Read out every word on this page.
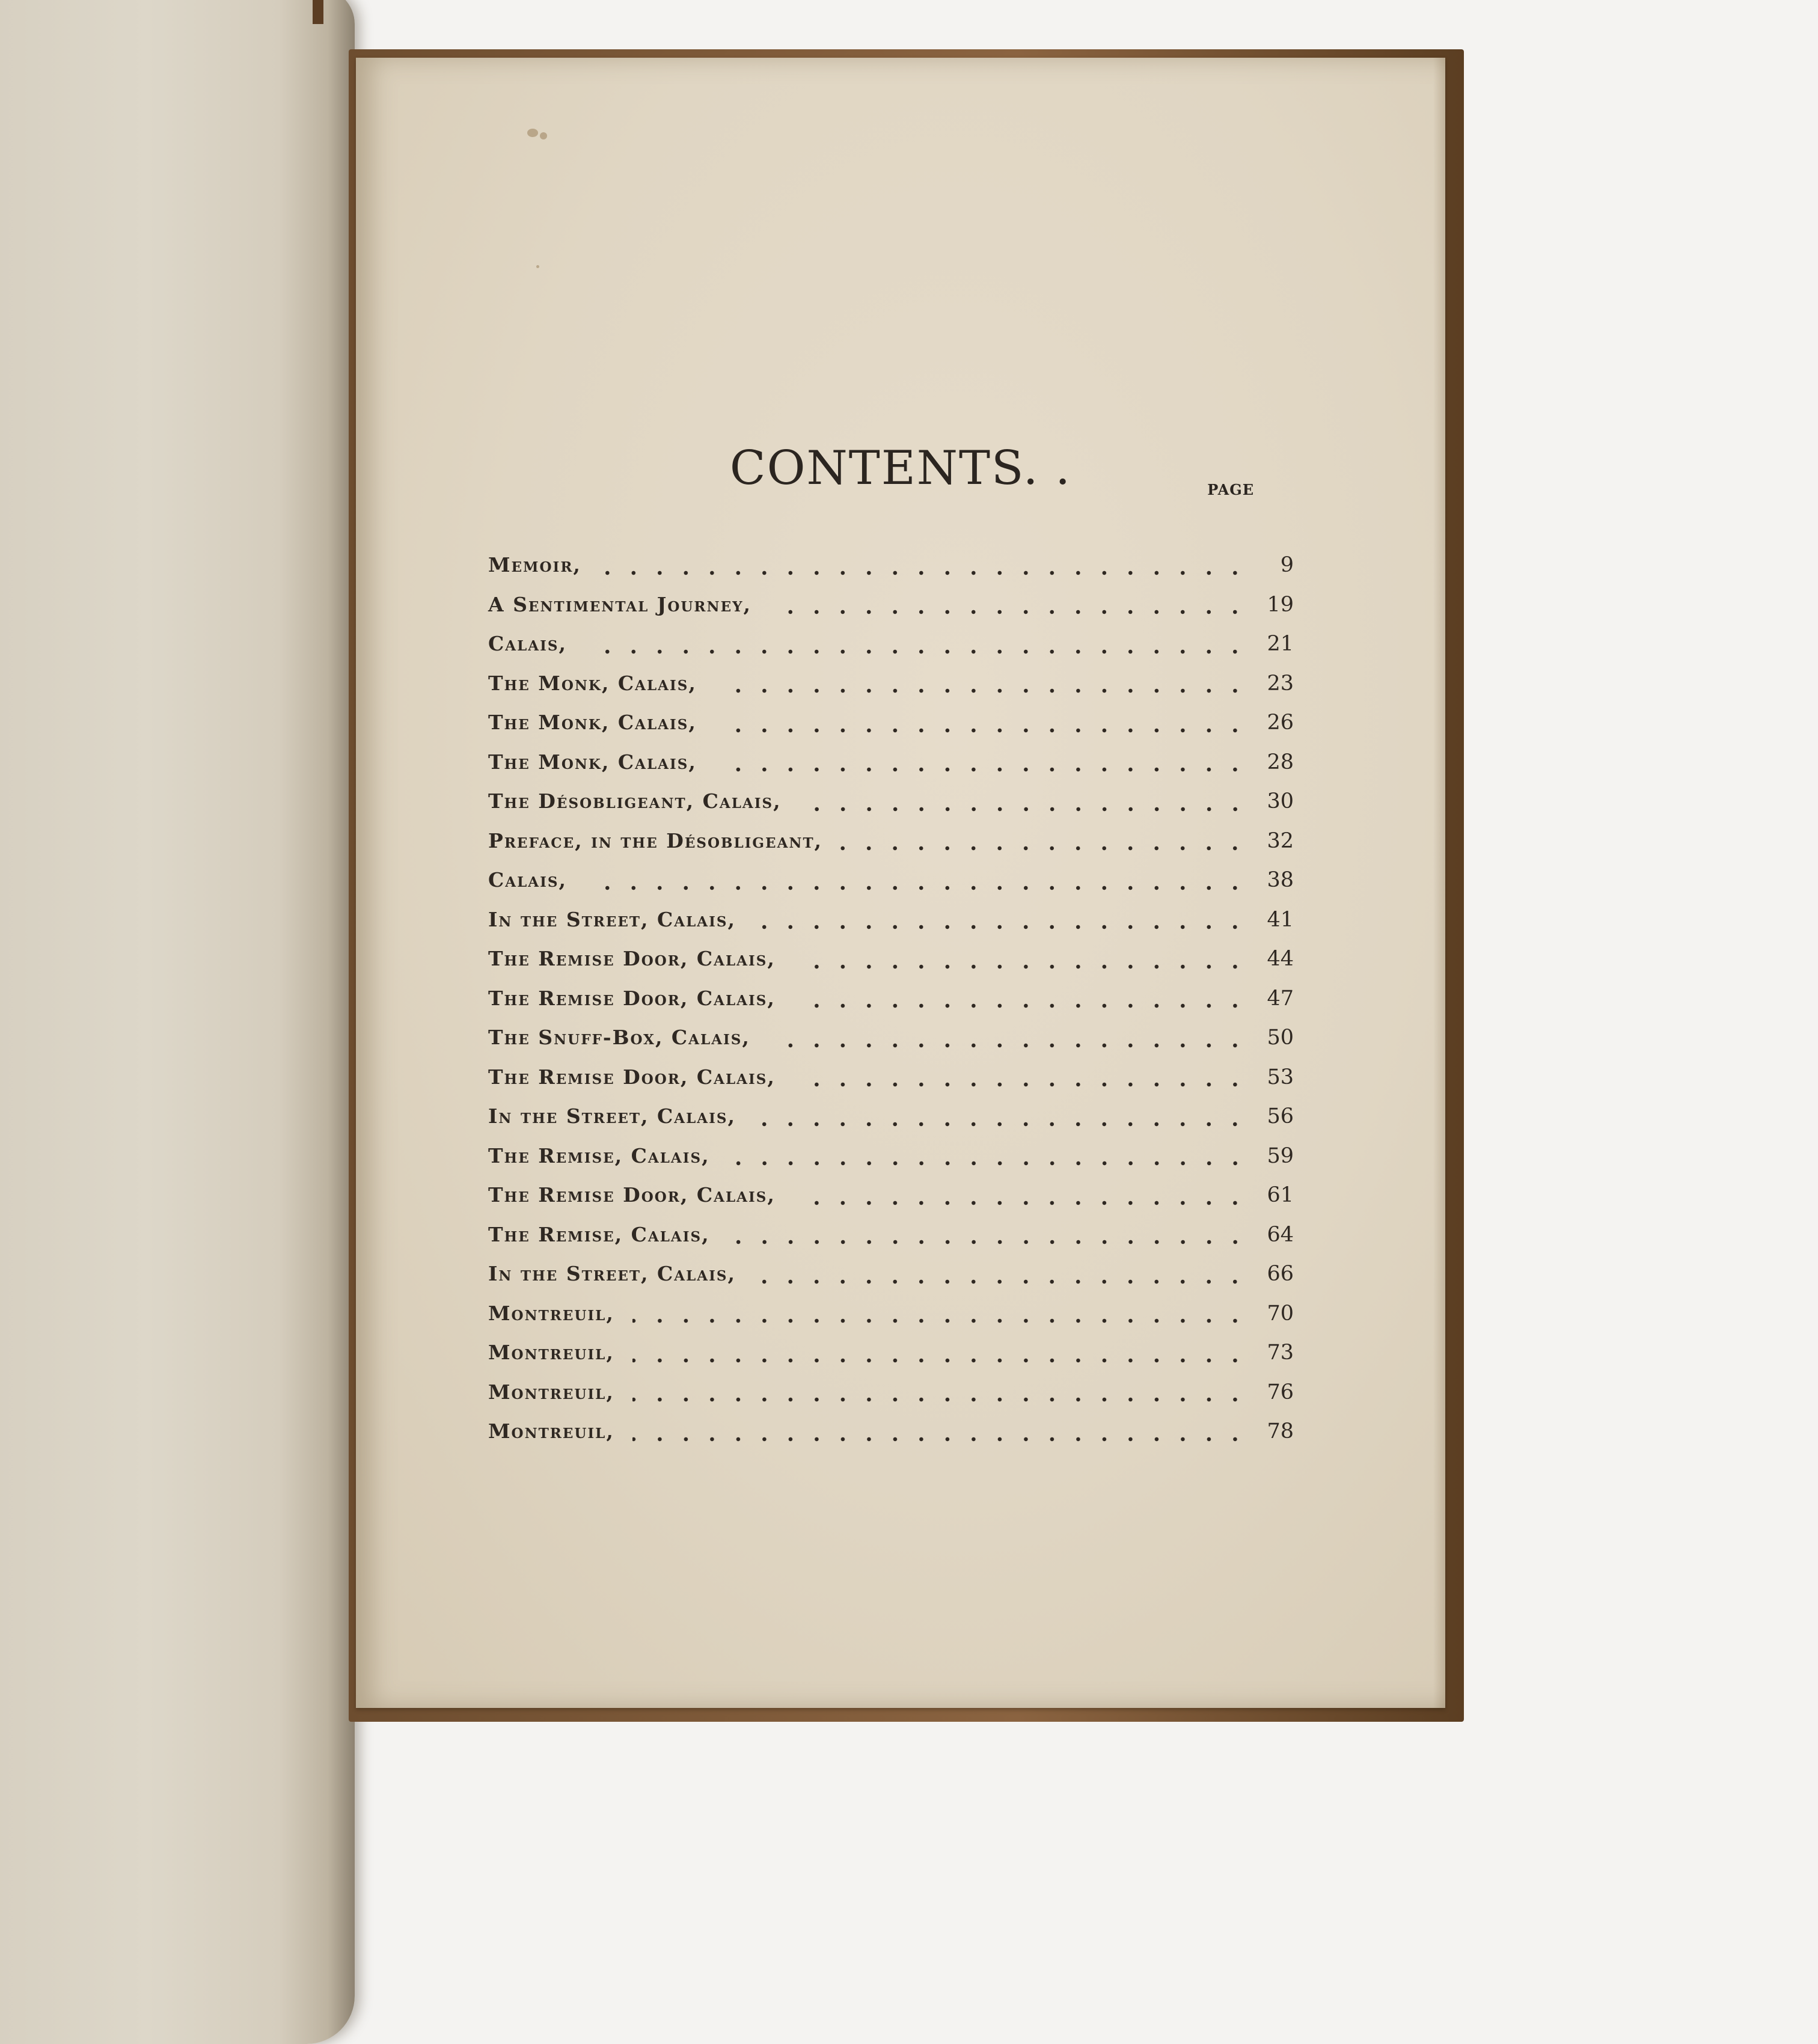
CONTENTS. .	PAGE
Memoir,	9
A Sentimental Journey,	19
Calais,	21
The Monk, Calais,	23
The Monk, Calais,	26
The Monk, Calais,	28
The Désobligeant, Calais,	30
Preface, in the Désobligeant,	32
Calais,	38
In the Street, Calais,	41
The Remise Door, Calais,	44
The Remise Door, Calais,	47
The Snuff-Box, Calais,	50
The Remise Door, Calais,	53
In the Street, Calais,	56
The Remise, Calais,	59
The Remise Door, Calais,	61
The Remise, Calais,	64
In the Street, Calais,	66
Montreuil,	70
Montreuil,	73
Montreuil,	76
Montreuil,	78
